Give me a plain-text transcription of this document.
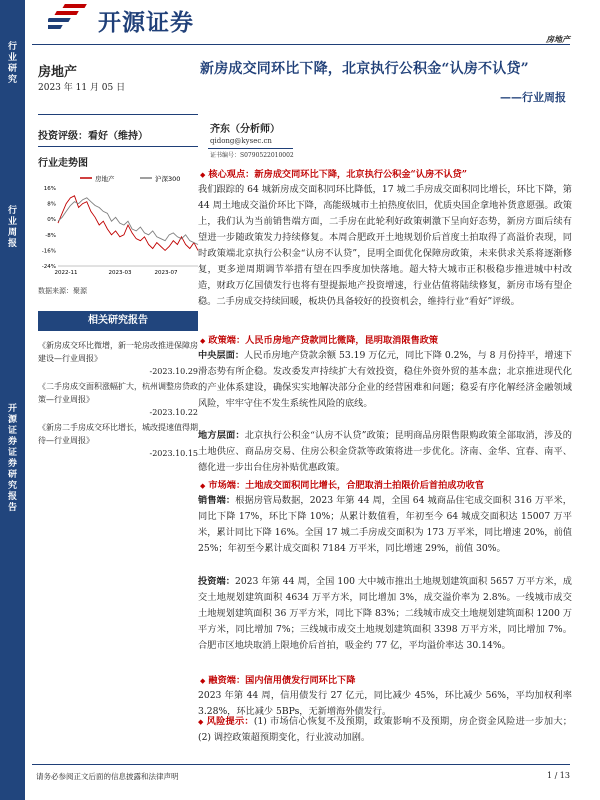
行业研究
行业周报
开源证券 证券研究报告
开源证券
房地产
房地产
2023 年 11 月 05 日
投资评级：看好（维持）
行业走势图
房地产	沪深300
16%
8%
0%
-8%
-16%
-24%
2022-11	2023-03	2023-07
数据来源：聚源
相关研究报告
《新房成交环比微增，新一轮房改推进保障房建设—行业周报》
-2023.10.29
《二手房成交面积涨幅扩大，杭州调整房贷政策—行业周报》
-2023.10.22
《新房二手房成交环比增长，城改提速值得期待—行业周报》
-2023.10.15
新房成交同环比下降，北京执行公积金“认房不认贷”
——行业周报
齐东（分析师）
qidong@kysec.cn
证书编号：S0790522010002
◆ 核心观点：新房成交同环比下降，北京执行公积金“认房不认贷”
我们跟踪的 64 城新房成交面积同环比降低，17 城二手房成交面积同比增长，环比下降，第 44 周土地成交溢价环比下降，高能级城市土拍热度依旧，优质央国企拿地补货意愿强。政策上，我们认为当前销售端方面，二手房在此轮利好政策刺激下呈向好态势，新房方面后续有望进一步随政策发力持续修复。本周合肥政开土地规划价后首度土拍取得了高溢价表现，同时政策端北京执行公积金“认房不认贷”，昆明全面优化保障房政策，未来供求关系将逐渐修复，更多逆周期调节举措有望在四季度加快落地。超大特大城市正积极稳步推进城中村改造，财政万亿国债发行也将有望提振地产投资增速，行业估值将陆续修复，新房市场有望企稳。二手房成交持续回暖，板块仍具备较好的投资机会，维持行业“看好”评级。
◆ 政策端：人民币房地产贷款同比微降，昆明取消限售政策
中央层面：人民币房地产贷款余额 53.19 万亿元，同比下降 0.2%，与 8 月份持平，增速下滑态势有所企稳。发改委发声持续扩大有效投资，稳住外资外贸的基本盘；北京推进现代化的产业体系建设，确保实实地解决部分企业的经营困难和问题；稳妥有序化解经济金融领域风险，牢牢守住不发生系统性风险的底线。
地方层面：北京执行公积金“认房不认贷”政策；昆明商品房限售限购政策全部取消，涉及的土地供应、商品房交易、住房公积金贷款等政策将进一步优化。济南、金华、宜春、南平、德化进一步出台住房补贴优惠政策。
◆ 市场端：土地成交面积同比增长，合肥取消土拍限价后首拍成功收官
销售端：根据房管局数据，2023 年第 44 周，全国 64 城商品住宅成交面积 316 万平米，同比下降 17%，环比下降 10%；从累计数值看，年初至今 64 城成交面积达 15007 万平米，累计同比下降 16%。全国 17 城二手房成交面积为 173 万平米，同比增速 20%，前值 25%；年初至今累计成交面积 7184 万平米，同比增速 29%，前值 30%。
投资端：2023 年第 44 周，全国 100 大中城市推出土地规划建筑面积 5657 万平方米，成交土地规划建筑面积 4634 万平方米，同比增加 3%，成交溢价率为 2.8%。一线城市成交土地规划建筑面积 36 万平方米，同比下降 83%；二线城市成交土地规划建筑面积 1200 万平方米，同比增加 7%；三线城市成交土地规划建筑面积 3398 万平方米，同比增加 7%。合肥市区地块取消上限地价后首拍，吸金约 77 亿，平均溢价率达 30.14%。
◆ 融资端：国内信用债发行同环比下降
2023 年第 44 周，信用债发行 27 亿元，同比减少 45%，环比减少 56%，平均加权利率 3.28%，环比减少 5BPs，无新增海外债发行。
◆ 风险提示：(1) 市场信心恢复不及预期，政策影响不及预期，房企资金风险进一步加大；(2) 调控政策超预期变化，行业波动加剧。
请务必参阅正文后面的信息披露和法律声明	1 / 13
